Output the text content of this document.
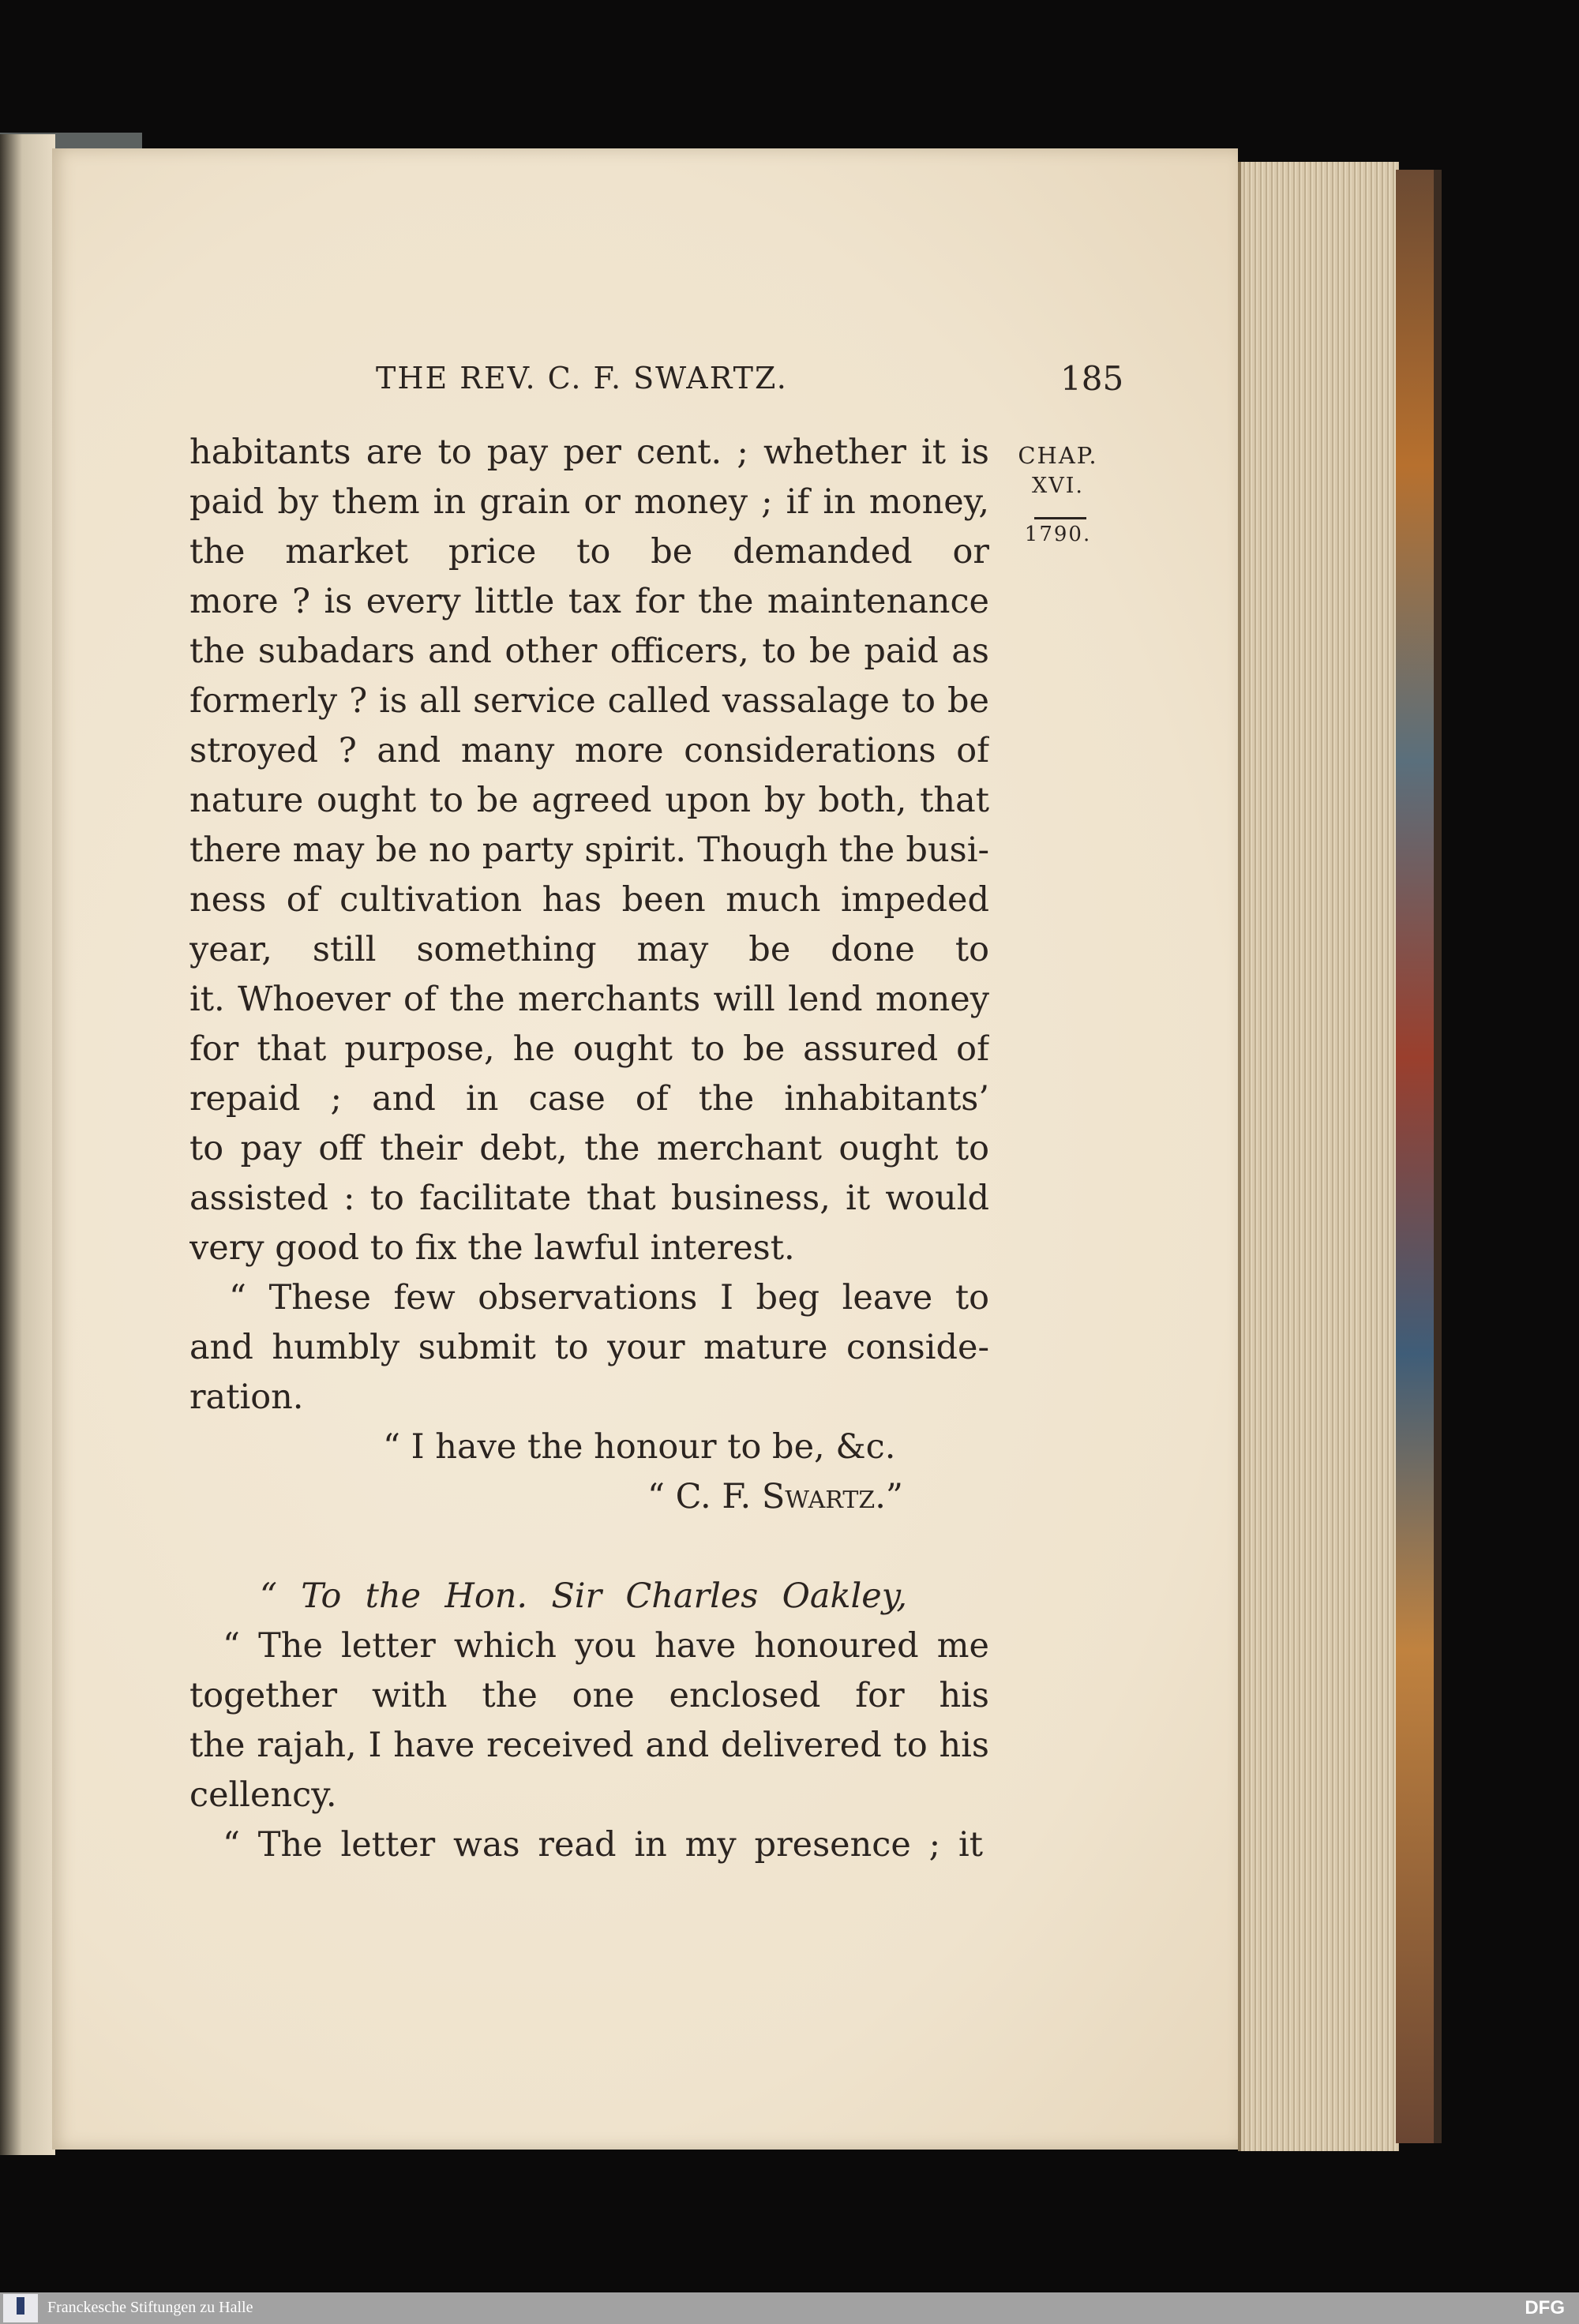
THE REV. C. F. SWARTZ.	185
CHAP.
XVI.
1790.
habitants are to pay per cent. ; whether it is
paid by them in grain or money ; if in money,
the market price to be demanded or
more ? is every little tax for the maintenance
the subadars and other officers, to be paid as
formerly ? is all service called vassalage to be
stroyed ? and many more considerations of
nature ought to be agreed upon by both, that
there may be no party spirit. Though the busi-
ness of cultivation has been much impeded
year, still something may be done to
it. Whoever of the merchants will lend money
for that purpose, he ought to be assured of
repaid ; and in case of the inhabitants’
to pay off their debt, the merchant ought to
assisted : to facilitate that business, it would
very good to fix the lawful interest.
“ These few observations I beg leave to
and humbly submit to your mature conside-
ration.
“ I have the honour to be, &c.
“ C. F. Swartz.”
“ To the Hon. Sir Charles Oakley,
“ The letter which you have honoured me
together with the one enclosed for his
the rajah, I have received and delivered to his
cellency.
“ The letter was read in my presence ; it
Franckesche Stiftungen zu Halle	DFG
